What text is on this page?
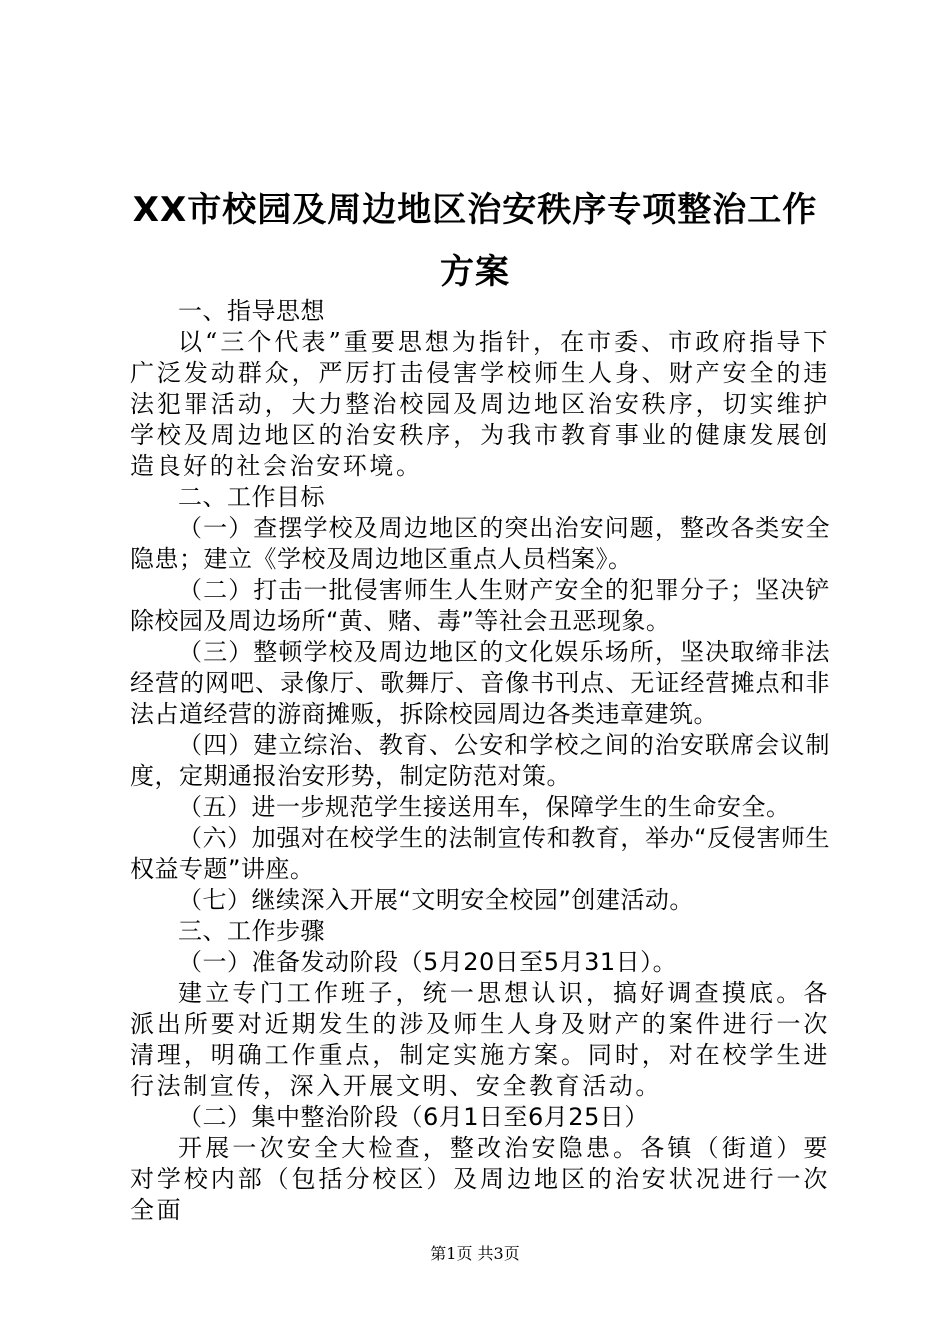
XX市校园及周边地区治安秩序专项整治工作
方案

一、指导思想

以“三个代表”重要思想为指针，在市委、市政府指导下广泛发动群众，严厉打击侵害学校师生人身、财产安全的违法犯罪活动，大力整治校园及周边地区治安秩序，切实维护学校及周边地区的治安秩序，为我市教育事业的健康发展创造良好的社会治安环境。

二、工作目标

（一）查摆学校及周边地区的突出治安问题，整改各类安全隐患；建立《学校及周边地区重点人员档案》。

（二）打击一批侵害师生人生财产安全的犯罪分子；坚决铲除校园及周边场所“黄、赌、毒”等社会丑恶现象。

（三）整顿学校及周边地区的文化娱乐场所，坚决取缔非法经营的网吧、录像厅、歌舞厅、音像书刊点、无证经营摊点和非法占道经营的游商摊贩，拆除校园周边各类违章建筑。

（四）建立综治、教育、公安和学校之间的治安联席会议制度，定期通报治安形势，制定防范对策。

（五）进一步规范学生接送用车，保障学生的生命安全。

（六）加强对在校学生的法制宣传和教育，举办“反侵害师生权益专题”讲座。

（七）继续深入开展“文明安全校园”创建活动。

三、工作步骤

（一）准备发动阶段（5月20日至5月31日）。

建立专门工作班子，统一思想认识，搞好调查摸底。各派出所要对近期发生的涉及师生人身及财产的案件进行一次清理，明确工作重点，制定实施方案。同时，对在校学生进行法制宣传，深入开展文明、安全教育活动。

（二）集中整治阶段（6月1日至6月25日）

开展一次安全大检查，整改治安隐患。各镇（街道）要对学校内部（包括分校区）及周边地区的治安状况进行一次全面

第1页 共3页
